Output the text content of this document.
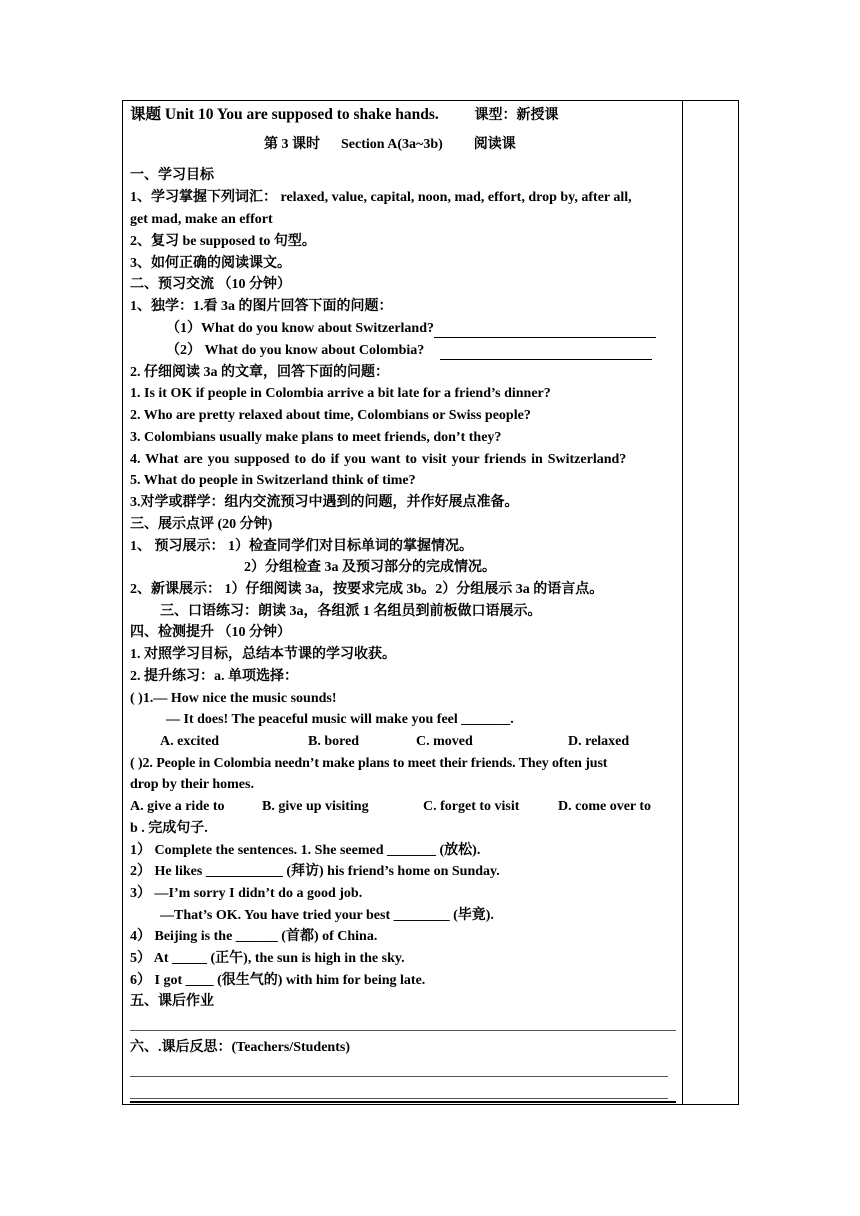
课题 Unit 10 You are supposed to shake hands.	课型：新授课
第 3 课时 Section A(3a~3b) 阅读课
一、学习目标
1、学习掌握下列词汇： relaxed, value, capital, noon, mad, effort, drop by, after all,
get mad, make an effort
2、复习 be supposed to 句型。
3、如何正确的阅读课文。
二、预习交流 （10 分钟）
1、独学：1.看 3a 的图片回答下面的问题：
（1）What do you know about Switzerland?
（2） What do you know about Colombia?
2. 仔细阅读 3a 的文章，回答下面的问题：
1. Is it OK if people in Colombia arrive a bit late for a friend’s dinner?
2. Who are pretty relaxed about time, Colombians or Swiss people?
3. Colombians usually make plans to meet friends, don’t they?
4. What are you supposed to do if you want to visit your friends in Switzerland?
5. What do people in Switzerland think of time?
3.对学或群学：组内交流预习中遇到的问题，并作好展点准备。
三、展示点评 (20 分钟)
1、 预习展示： 1）检查同学们对目标单词的掌握情况。
2）分组检查 3a 及预习部分的完成情况。
2、新课展示： 1）仔细阅读 3a，按要求完成 3b。2）分组展示 3a 的语言点。
三、口语练习：朗读 3a，各组派 1 名组员到前板做口语展示。
四、检测提升 （10 分钟）
1. 对照学习目标，总结本节课的学习收获。
2. 提升练习：a. 单项选择：
( )1.— How nice the music sounds!
— It does! The peaceful music will make you feel _______.
A. excited	B. bored	C. moved	D. relaxed
( )2. People in Colombia needn’t make plans to meet their friends. They often just
drop by their homes.
A. give a ride to	B. give up visiting	C. forget to visit	D. come over to
b . 完成句子.
1） Complete the sentences. 1. She seemed _______ (放松).
2） He likes ___________ (拜访) his friend’s home on Sunday.
3） —I’m sorry I didn’t do a good job.
—That’s OK. You have tried your best ________ (毕竟).
4） Beijing is the ______ (首都) of China.
5） At _____ (正午), the sun is high in the sky.
6） I got ____ (很生气的) with him for being late.
五、课后作业
六、.课后反思：(Teachers/Students)
